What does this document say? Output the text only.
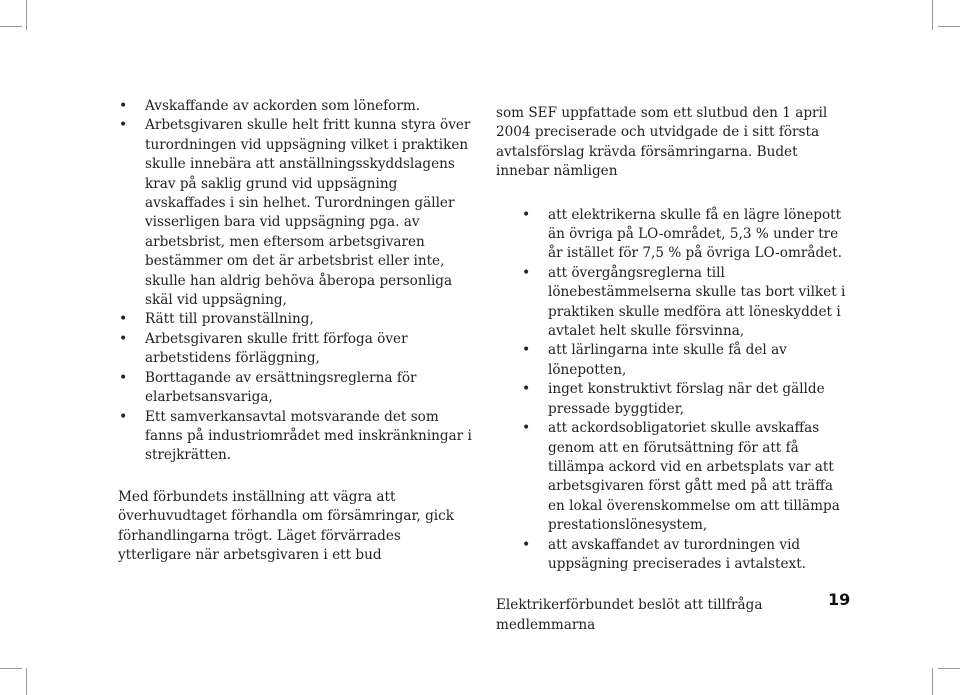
• Avskaffande av ackorden som löneform.
• Arbetsgivaren skulle helt fritt kunna styra över turordningen vid uppsägning vilket i praktiken skulle innebära att anställningsskyddslagens krav på saklig grund vid uppsägning avskaffades i sin helhet. Turordningen gäller visserligen bara vid uppsägning pga. av arbetsbrist, men eftersom arbetsgivaren bestämmer om det är arbetsbrist eller inte, skulle han aldrig behöva åberopa personliga skäl vid uppsägning,
• Rätt till provanställning,
• Arbetsgivaren skulle fritt förfoga över arbetstidens förläggning,
• Borttagande av ersättningsreglerna för elarbetsansvariga,
• Ett samverkansavtal motsvarande det som fanns på industriområdet med inskränkningar i strejkrätten.

Med förbundets inställning att vägra att överhuvudtaget förhandla om försämringar, gick förhandlingarna trögt. Läget förvärrades ytterligare när arbetsgivaren i ett bud

som SEF uppfattade som ett slutbud den 1 april 2004 preciserade och utvidgade de i sitt första avtalsförslag krävda försämringarna. Budet innebar nämligen

• att elektrikerna skulle få en lägre lönepott än övriga på LO-området, 5,3 % under tre år istället för 7,5 % på övriga LO-området.
• att övergångsreglerna till lönebestämmelserna skulle tas bort vilket i praktiken skulle medföra att löneskyddet i avtalet helt skulle försvinna,
• att lärlingarna inte skulle få del av lönepotten,
• inget konstruktivt förslag när det gällde pressade byggtider,
• att ackordsobligatoriet skulle avskaffas genom att en förutsättning för att få tillämpa ackord vid en arbetsplats var att arbetsgivaren först gått med på att träffa en lokal överenskommelse om att tillämpa prestationslönesystem,
• att avskaffandet av turordningen vid uppsägning preciserades i avtalstext.

Elektrikerförbundet beslöt att tillfråga medlemmarna

19
